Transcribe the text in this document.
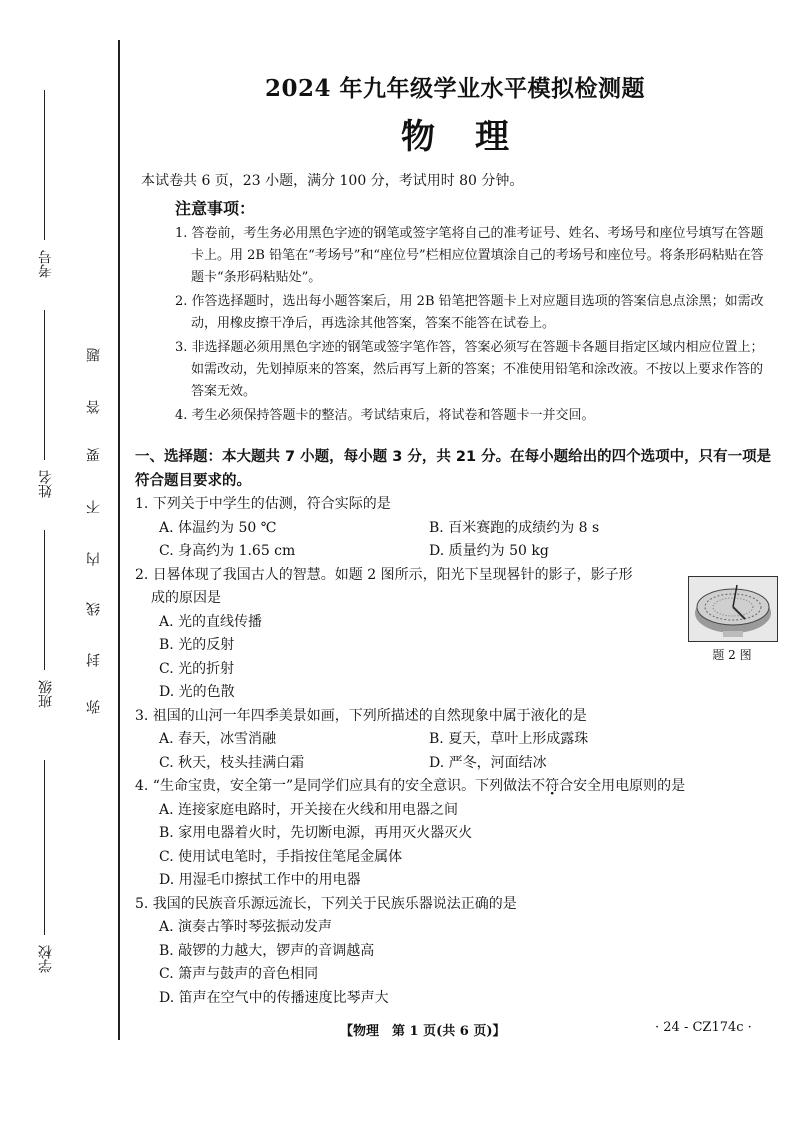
考号
姓名
班级
学校
弥
封
线
内
不
要
答
题
2024 年九年级学业水平模拟检测题
物理

本试卷共 6 页，23 小题，满分 100 分，考试用时 80 分钟。

注意事项：

1. 答卷前，考生务必用黑色字迹的钢笔或签字笔将自己的准考证号、姓名、考场号和座位号填写在答题卡上。用 2B 铅笔在“考场号”和“座位号”栏相应位置填涂自己的考场号和座位号。将条形码粘贴在答题卡“条形码粘贴处”。

2. 作答选择题时，选出每小题答案后，用 2B 铅笔把答题卡上对应题目选项的答案信息点涂黑；如需改动，用橡皮擦干净后，再选涂其他答案，答案不能答在试卷上。

3. 非选择题必须用黑色字迹的钢笔或签字笔作答，答案必须写在答题卡各题目指定区域内相应位置上；如需改动，先划掉原来的答案，然后再写上新的答案；不准使用铅笔和涂改液。不按以上要求作答的答案无效。

4. 考生必须保持答题卡的整洁。考试结束后，将试卷和答题卡一并交回。

一、选择题：本大题共 7 小题，每小题 3 分，共 21 分。在每小题给出的四个选项中，只有一项是符合题目要求的。

1. 下列关于中学生的估测，符合实际的是

A. 体温约为 50 ℃	B. 百米赛跑的成绩约为 8 s
C. 身高约为 1.65 cm	D. 质量约为 50 kg

2. 日晷体现了我国古人的智慧。如题 2 图所示，阳光下呈现晷针的影子，影子形

成的原因是

A. 光的直线传播
B. 光的反射
C. 光的折射
D. 光的色散
题 2 图

3. 祖国的山河一年四季美景如画，下列所描述的自然现象中属于液化的是

A. 春天，冰雪消融	B. 夏天，草叶上形成露珠
C. 秋天，枝头挂满白霜	D. 严冬，河面结冰

4. “生命宝贵，安全第一”是同学们应具有的安全意识。下列做法不符合安全用电原则的是

A. 连接家庭电路时，开关接在火线和用电器之间
B. 家用电器着火时，先切断电源，再用灭火器灭火
C. 使用试电笔时，手指按住笔尾金属体
D. 用湿毛巾擦拭工作中的用电器

5. 我国的民族音乐源远流长，下列关于民族乐器说法正确的是

A. 演奏古筝时琴弦振动发声
B. 敲锣的力越大，锣声的音调越高
C. 箫声与鼓声的音色相同
D. 笛声在空气中的传播速度比琴声大
【物理　第 1 页(共 6 页)】	· 24 - CZ174c ·
